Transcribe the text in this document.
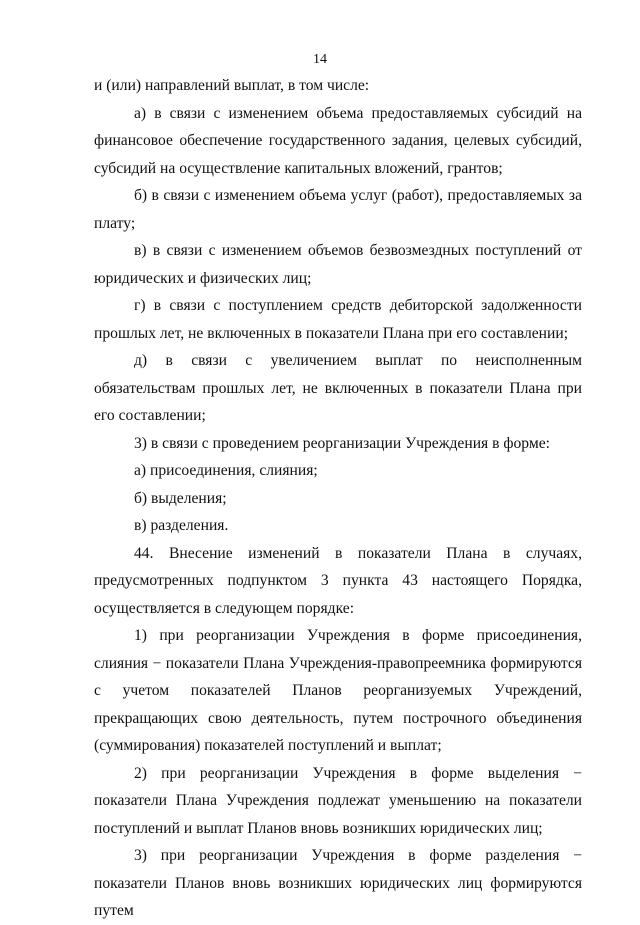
14

и (или) направлений выплат, в том числе:

а) в связи с изменением объема предоставляемых субсидий на финансовое обеспечение государственного задания, целевых субсидий, субсидий на осуществление капитальных вложений, грантов;

б) в связи с изменением объема услуг (работ), предоставляемых за плату;

в) в связи с изменением объемов безвозмездных поступлений от юридических и физических лиц;

г) в связи с поступлением средств дебиторской задолженности прошлых лет, не включенных в показатели Плана при его составлении;

д) в связи с увеличением выплат по неисполненным обязательствам прошлых лет, не включенных в показатели Плана при его составлении;

3) в связи с проведением реорганизации Учреждения в форме:

а) присоединения, слияния;

б) выделения;

в) разделения.

44. Внесение изменений в показатели Плана в случаях, предусмотренных подпунктом 3 пункта 43 настоящего Порядка, осуществляется в следующем порядке:

1) при реорганизации Учреждения в форме присоединения, слияния − показатели Плана Учреждения-правопреемника формируются с учетом показателей Планов реорганизуемых Учреждений, прекращающих свою деятельность, путем построчного объединения (суммирования) показателей поступлений и выплат;

2) при реорганизации Учреждения в форме выделения − показатели Плана Учреждения подлежат уменьшению на показатели поступлений и выплат Планов вновь возникших юридических лиц;

3) при реорганизации Учреждения в форме разделения − показатели Планов вновь возникших юридических лиц формируются путем
